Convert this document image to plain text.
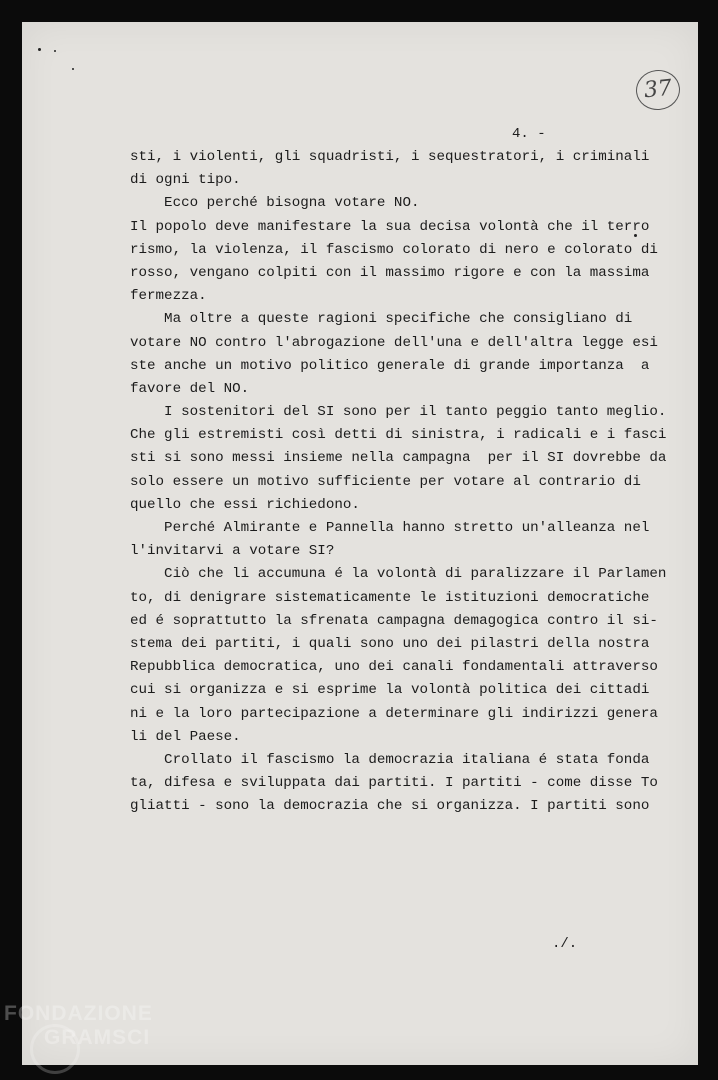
37
4. -
./.
sti, i violenti, gli squadristi, i sequestratori, i criminali
di ogni tipo.
Ecco perché bisogna votare NO.
Il popolo deve manifestare la sua decisa volontà che il terro
rismo, la violenza, il fascismo colorato di nero e colorato di
rosso, vengano colpiti con il massimo rigore e con la massima
fermezza.
Ma oltre a queste ragioni specifiche che consigliano di
votare NO contro l'abrogazione dell'una e dell'altra legge esi
ste anche un motivo politico generale di grande importanza  a
favore del NO.
I sostenitori del SI sono per il tanto peggio tanto meglio.
Che gli estremisti così detti di sinistra, i radicali e i fasci
sti si sono messi insieme nella campagna  per il SI dovrebbe da
solo essere un motivo sufficiente per votare al contrario di
quello che essi richiedono.
Perché Almirante e Pannella hanno stretto un'alleanza nel
l'invitarvi a votare SI?
Ciò che li accumuna é la volontà di paralizzare il Parlamen
to, di denigrare sistematicamente le istituzioni democratiche
ed é soprattutto la sfrenata campagna demagogica contro il si-
stema dei partiti, i quali sono uno dei pilastri della nostra
Repubblica democratica, uno dei canali fondamentali attraverso
cui si organizza e si esprime la volontà politica dei cittadi
ni e la loro partecipazione a determinare gli indirizzi genera
li del Paese.
Crollato il fascismo la democrazia italiana é stata fonda
ta, difesa e sviluppata dai partiti. I partiti - come disse To
gliatti - sono la democrazia che si organizza. I partiti sono
FONDAZIONE
GRAMSCI
